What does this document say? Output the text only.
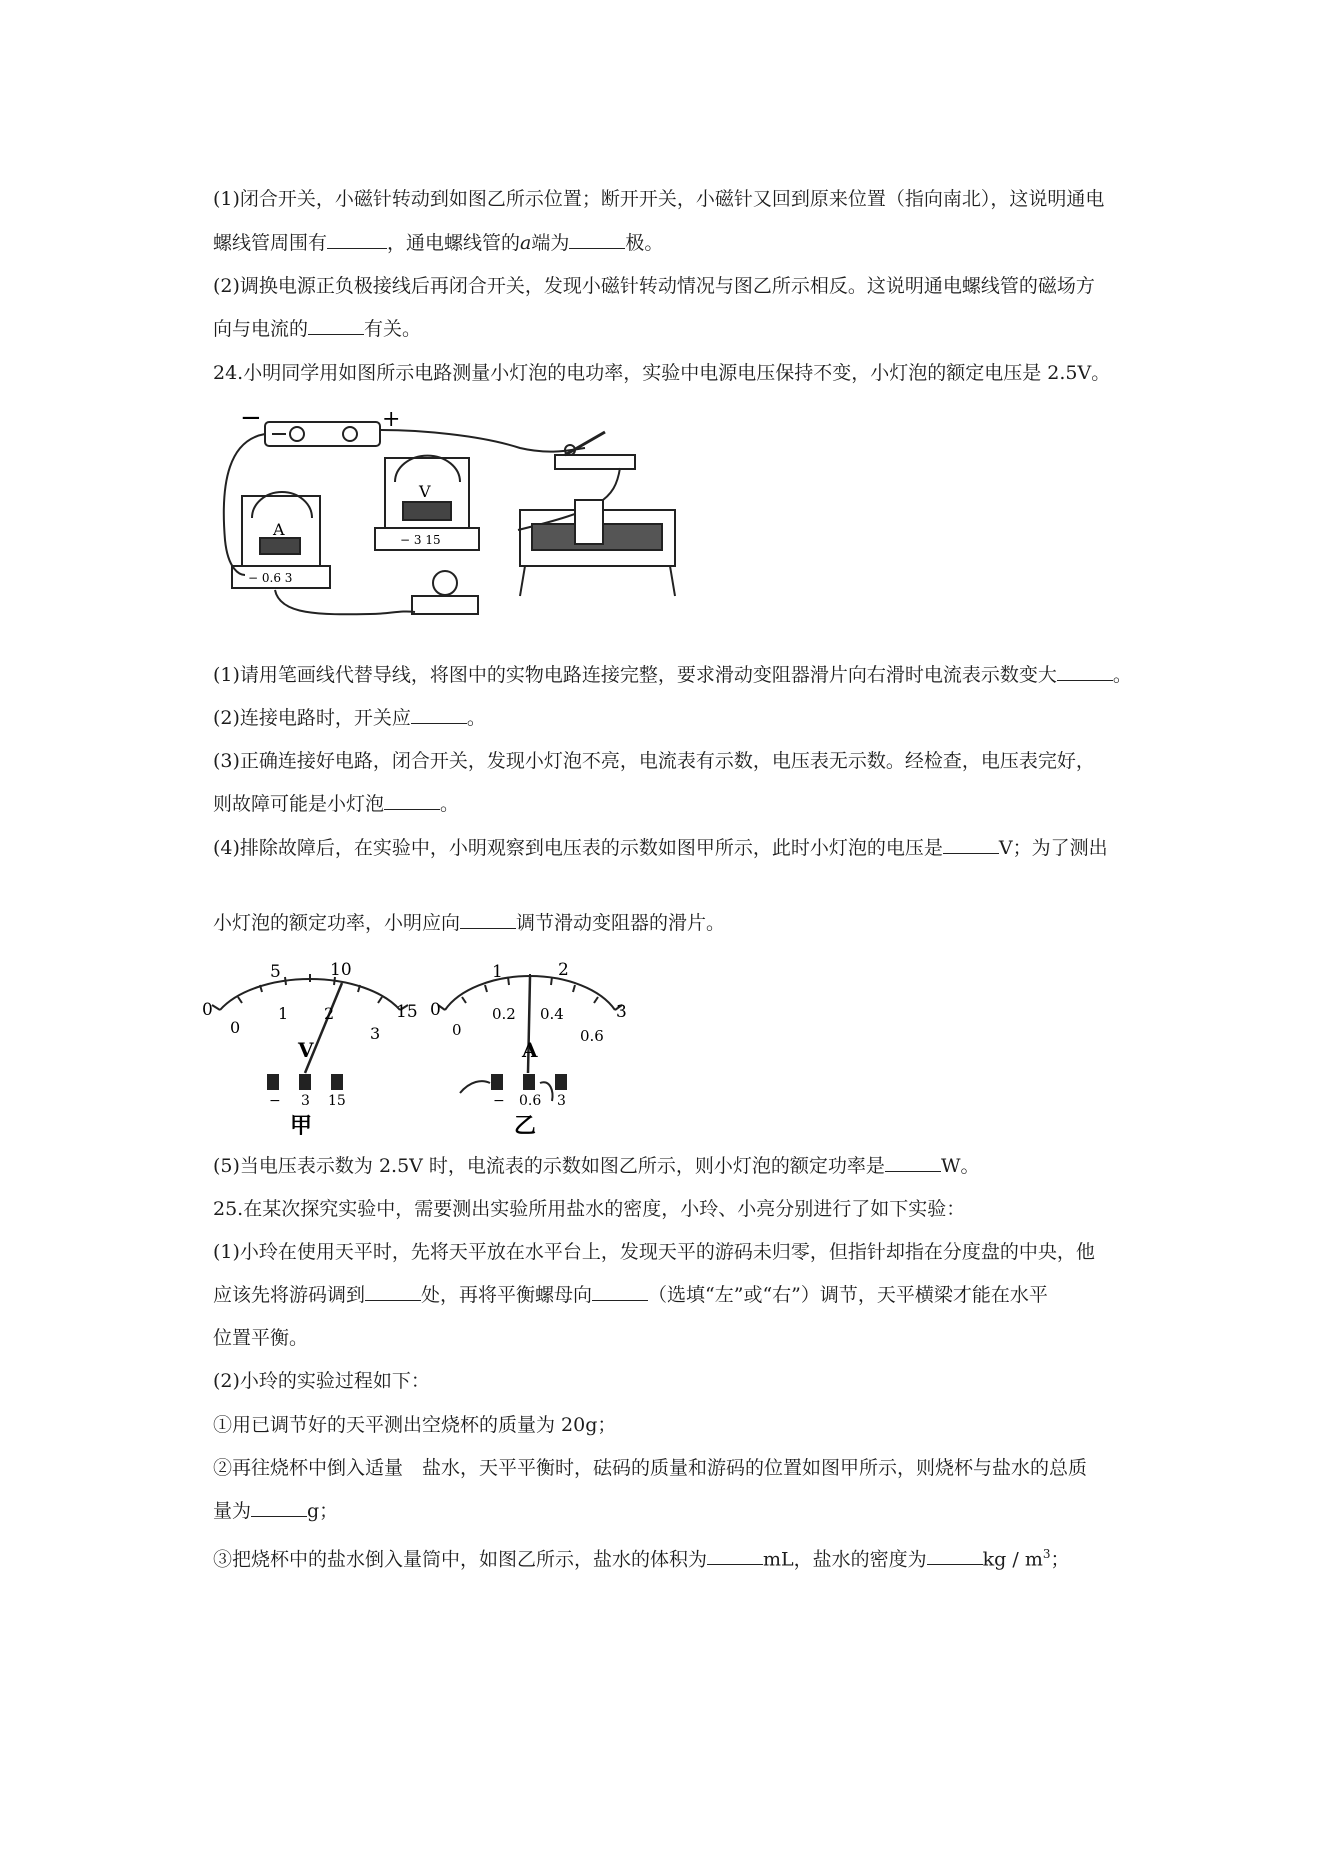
(1)闭合开关，小磁针转动到如图乙所示位置；断开开关，小磁针又回到原来位置（指向南北），这说明通电
螺线管周围有	，通电螺线管的a端为	极。
(2)调换电源正负极接线后再闭合开关，发现小磁针转动情况与图乙所示相反。这说明通电螺线管的磁场方
向与电流的	有关。
24.小明同学用如图所示电路测量小灯泡的电功率，实验中电源电压保持不变，小灯泡的额定电压是 2.5V。
−	+
A
V
− 0.6 3
− 3 15
(1)请用笔画线代替导线，将图中的实物电路连接完整，要求滑动变阻器滑片向右滑时电流表示数变大	。
(2)连接电路时，开关应	。
(3)正确连接好电路，闭合开关，发现小灯泡不亮，电流表有示数，电压表无示数。经检查，电压表完好，
则故障可能是小灯泡	。
(4)排除故障后，在实验中，小明观察到电压表的示数如图甲所示，此时小灯泡的电压是	V；为了测出
小灯泡的额定功率，小明应向	调节滑动变阻器的滑片。
0
5	10
15
0
1 2
3
V
− 3 15
甲
0
1	2
3
0
0.2 0.4
0.6
A
− 0.6 3
乙
(5)当电压表示数为 2.5V 时，电流表的示数如图乙所示，则小灯泡的额定功率是	W。
25.在某次探究实验中，需要测出实验所用盐水的密度，小玲、小亮分别进行了如下实验：
(1)小玲在使用天平时，先将天平放在水平台上，发现天平的游码未归零，但指针却指在分度盘的中央，他
应该先将游码调到	处，再将平衡螺母向	（选填“左”或“右”）调节，天平横梁才能在水平
位置平衡。
(2)小玲的实验过程如下：
①用已调节好的天平测出空烧杯的质量为 20g；
②再往烧杯中倒入适量　盐水，天平平衡时，砝码的质量和游码的位置如图甲所示，则烧杯与盐水的总质
量为	g；
③把烧杯中的盐水倒入量筒中，如图乙所示，盐水的体积为	mL，盐水的密度为	kg / $m^3$；
